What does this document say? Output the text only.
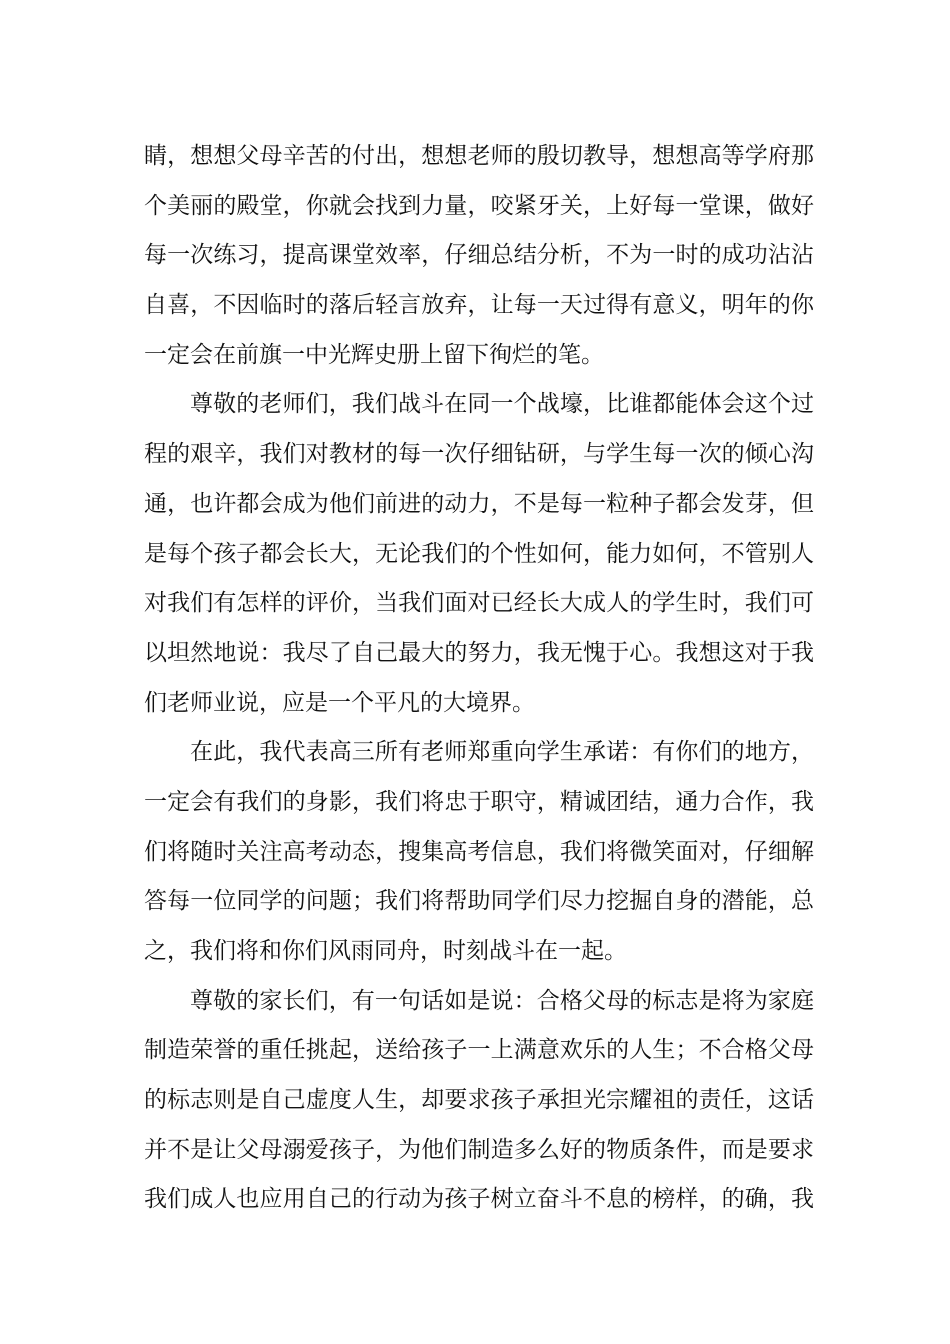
睛，想想父母辛苦的付出，想想老师的殷切教导，想想高等学府那
个美丽的殿堂，你就会找到力量，咬紧牙关，上好每一堂课，做好
每一次练习，提高课堂效率，仔细总结分析，不为一时的成功沾沾
自喜，不因临时的落后轻言放弃，让每一天过得有意义，明年的你
一定会在前旗一中光辉史册上留下徇烂的笔。
尊敬的老师们，我们战斗在同一个战壕，比谁都能体会这个过
程的艰辛，我们对教材的每一次仔细钻研，与学生每一次的倾心沟
通，也许都会成为他们前进的动力，不是每一粒种子都会发芽，但
是每个孩子都会长大，无论我们的个性如何，能力如何，不管别人
对我们有怎样的评价，当我们面对已经长大成人的学生时，我们可
以坦然地说：我尽了自己最大的努力，我无愧于心。我想这对于我
们老师业说，应是一个平凡的大境界。
在此，我代表高三所有老师郑重向学生承诺：有你们的地方，
一定会有我们的身影，我们将忠于职守，精诚团结，通力合作，我
们将随时关注高考动态，搜集高考信息，我们将微笑面对，仔细解
答每一位同学的问题；我们将帮助同学们尽力挖掘自身的潜能，总
之，我们将和你们风雨同舟，时刻战斗在一起。
尊敬的家长们，有一句话如是说：合格父母的标志是将为家庭
制造荣誉的重任挑起，送给孩子一上满意欢乐的人生；不合格父母
的标志则是自己虚度人生，却要求孩子承担光宗耀祖的责任，这话
并不是让父母溺爱孩子，为他们制造多么好的物质条件，而是要求
我们成人也应用自己的行动为孩子树立奋斗不息的榜样，的确，我
